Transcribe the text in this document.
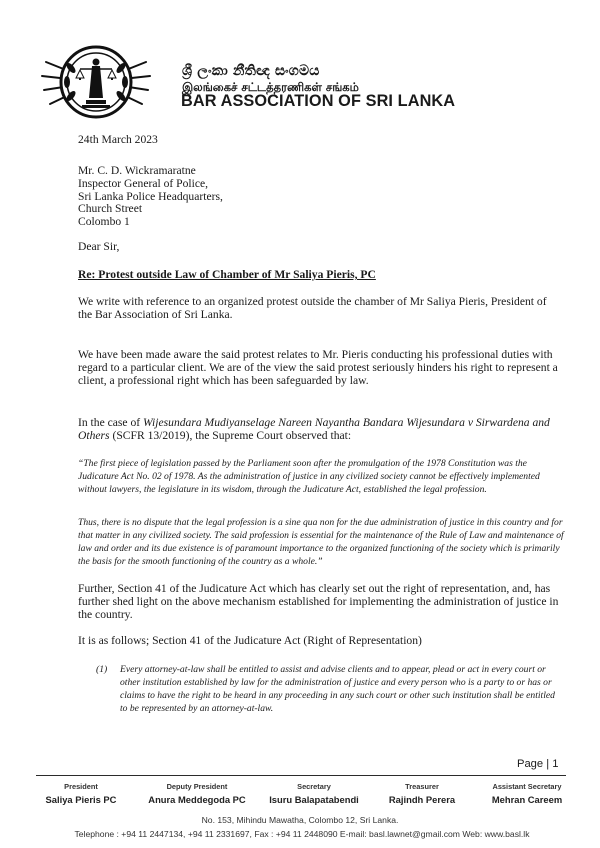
ශ්‍රී ලංකා නීතිඥ සංගමය
இலங்கைச் சட்டத்தரணிகள் சங்கம்
BAR ASSOCIATION OF SRI LANKA
24th March 2023
Mr. C. D. Wickramaratne
Inspector General of Police,
Sri Lanka Police Headquarters,
Church Street
Colombo 1
Dear Sir,
Re: Protest outside Law of Chamber of Mr Saliya Pieris, PC
We write with reference to an organized protest outside the chamber of Mr Saliya Pieris, President of the Bar Association of Sri Lanka.
We have been made aware the said protest relates to Mr. Pieris conducting his professional duties with regard to a particular client. We are of the view the said protest seriously hinders his right to represent a client, a professional right which has been safeguarded by law.
In the case of Wijesundara Mudiyanselage Nareen Nayantha Bandara Wijesundara v Sirwardena and Others (SCFR 13/2019), the Supreme Court observed that:
“The first piece of legislation passed by the Parliament soon after the promulgation of the 1978 Constitution was the Judicature Act No. 02 of 1978. As the administration of justice in any civilized society cannot be effectively implemented without lawyers, the legislature in its wisdom, through the Judicature Act, established the legal profession.
Thus, there is no dispute that the legal profession is a sine qua non for the due administration of justice in this country and for that matter in any civilized society. The said profession is essential for the maintenance of the Rule of Law and maintenance of law and order and its due existence is of paramount importance to the organized functioning of the society which is primarily the basis for the smooth functioning of the country as a whole.”
Further, Section 41 of the Judicature Act which has clearly set out the right of representation, and, has further shed light on the above mechanism established for implementing the administration of justice in the country.
It is as follows; Section 41 of the Judicature Act (Right of Representation)
(1) Every attorney-at-law shall be entitled to assist and advise clients and to appear, plead or act in every court or other institution established by law for the administration of justice and every person who is a party to or has or claims to have the right to be heard in any proceeding in any such court or other such institution shall be entitled to be represented by an attorney-at-law.
Page | 1
President
Saliya Pieris PC
Deputy President
Anura Meddegoda PC
Secretary
Isuru Balapatabendi
Treasurer
Rajindh Perera
Assistant Secretary
Mehran Careem
No. 153, Mihindu Mawatha, Colombo 12, Sri Lanka.
Telephone : +94 11 2447134, +94 11 2331697, Fax : +94 11 2448090 E-mail: basl.lawnet@gmail.com Web: www.basl.lk
